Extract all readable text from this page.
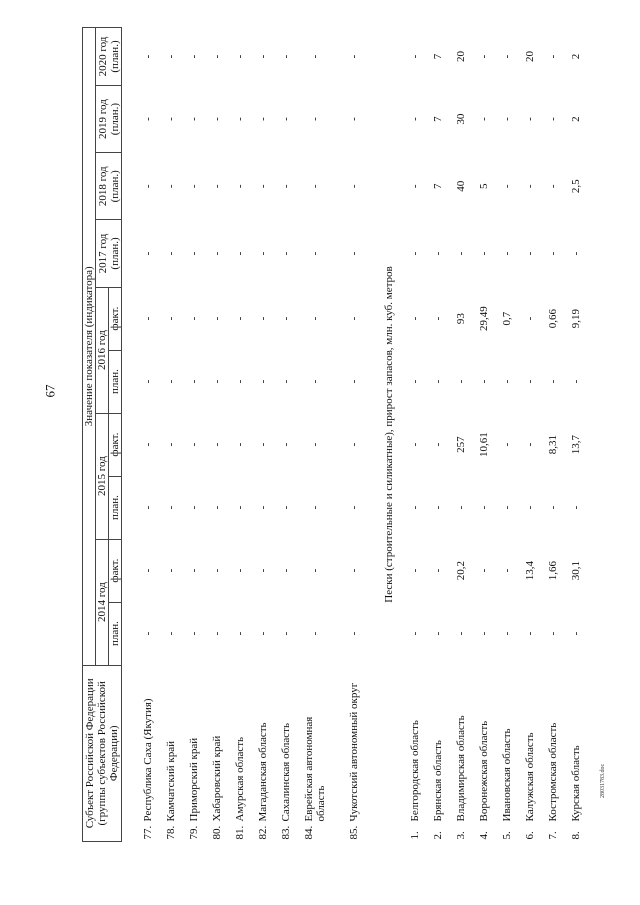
67
28031783.doc
Субъект Российской Федерации (группы субъектов Российской Федерации)	Значение показателя (индикатора)									
	2014 год		2015 год		2016 год		2017 год (план.)	2018 год (план.)	2019 год (план.)	2020 год (план.)
	план.	факт.	план.	факт.	план.	факт.				

77.Республика Саха (Якутия)	-	-	-	-	-	-	-	-	-	-
78.Камчатский край	-	-	-	-	-	-	-	-	-	-
79.Приморский край	-	-	-	-	-	-	-	-	-	-
80.Хабаровский край	-	-	-	-	-	-	-	-	-	-
81.Амурская область	-	-	-	-	-	-	-	-	-	-
82.Магаданская область	-	-	-	-	-	-	-	-	-	-
83.Сахалинская область	-	-	-	-	-	-	-	-	-	-
84.Еврейская автономная область	-	-	-	-	-	-	-	-	-	-
85.Чукотский автономный округ	-	-	-	-	-	-	-	-	-	-
Пески (строительные и силикатные), прирост запасов, млн. куб. метров										
1.Белгородская область	-	-	-	-	-	-	-	-	-	-
2.Брянская область	-	-	-	-	-	-	-	7	7	7
3.Владимирская область	-	20,2	-	257	-	93	-	40	30	20
4.Воронежская область	-	-	-	10,61	-	29,49	-	5	-	-
5.Ивановская область	-	-	-	-	-	0,7	-	-	-	-
6.Калужская область	-	13,4	-	-	-	-	-	-	-	20
7.Костромская область	-	1,66	-	8,31	-	0,66	-	-	-	-
8.Курская область	-	30,1	-	13,7	-	9,19	-	2,5	2	2
